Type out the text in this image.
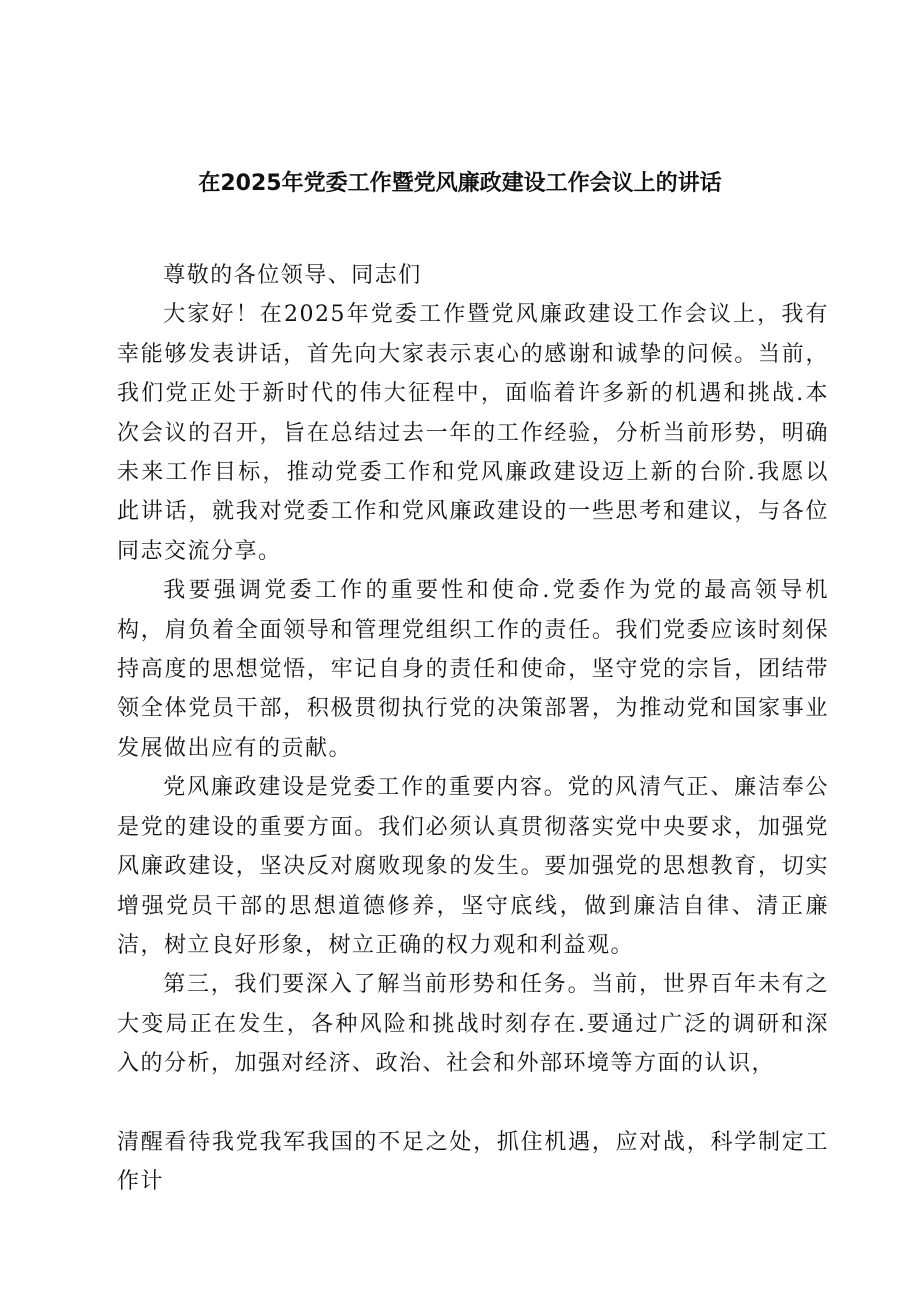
在2025年党委工作暨党风廉政建设工作会议上的讲话

尊敬的各位领导、同志们

大家好！在2025年党委工作暨党风廉政建设工作会议上，我有幸能够发表讲话，首先向大家表示衷心的感谢和诚挚的问候。当前，我们党正处于新时代的伟大征程中，面临着许多新的机遇和挑战.本次会议的召开，旨在总结过去一年的工作经验，分析当前形势，明确未来工作目标，推动党委工作和党风廉政建设迈上新的台阶.我愿以此讲话，就我对党委工作和党风廉政建设的一些思考和建议，与各位同志交流分享。

我要强调党委工作的重要性和使命.党委作为党的最高领导机构，肩负着全面领导和管理党组织工作的责任。我们党委应该时刻保持高度的思想觉悟，牢记自身的责任和使命，坚守党的宗旨，团结带领全体党员干部，积极贯彻执行党的决策部署，为推动党和国家事业发展做出应有的贡献。

党风廉政建设是党委工作的重要内容。党的风清气正、廉洁奉公是党的建设的重要方面。我们必须认真贯彻落实党中央要求，加强党风廉政建设，坚决反对腐败现象的发生。要加强党的思想教育，切实增强党员干部的思想道德修养，坚守底线，做到廉洁自律、清正廉洁，树立良好形象，树立正确的权力观和利益观。

第三，我们要深入了解当前形势和任务。当前，世界百年未有之大变局正在发生，各种风险和挑战时刻存在.要通过广泛的调研和深入的分析，加强对经济、政治、社会和外部环境等方面的认识，

清醒看待我党我军我国的不足之处，抓住机遇，应对战，科学制定工作计
